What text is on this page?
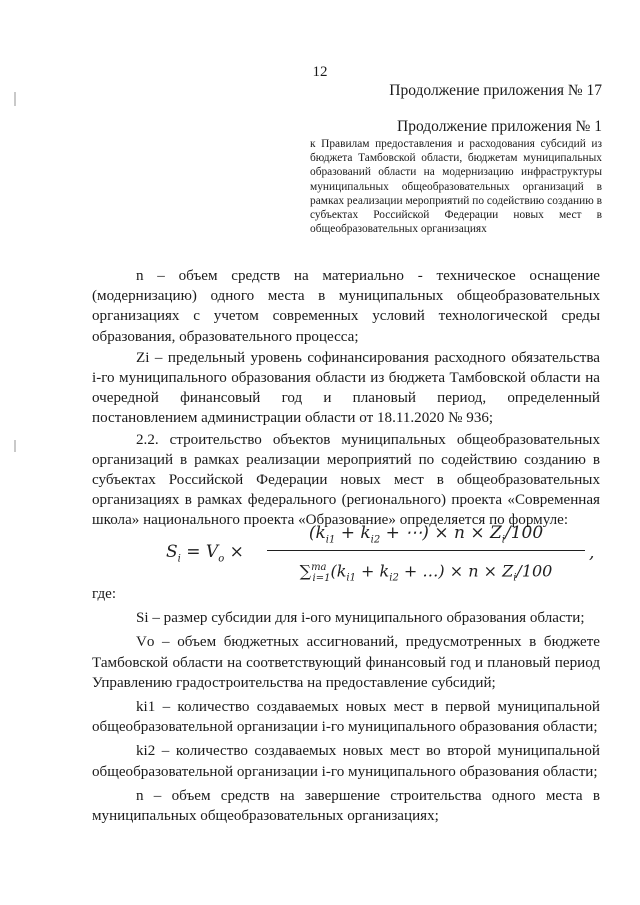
12
Продолжение приложения № 17
Продолжение приложения № 1
к Правилам предоставления и расходования субсидий из бюджета Тамбовской области, бюджетам муниципальных образований области на модернизацию инфраструктуры муниципальных общеобразовательных организаций в рамках реализации мероприятий по содействию созданию в субъектах Российской Федерации новых мест в общеобразовательных организациях

n – объем средств на материально - техническое оснащение (модернизацию) одного места в муниципальных общеобразовательных организациях с учетом современных условий технологической среды образования, образовательного процесса;

Zi – предельный уровень софинансирования расходного обязательства i-го муниципального образования области из бюджета Тамбовской области на очередной финансовый год и плановый период, определенный постановлением администрации области от 18.11.2020 № 936;

2.2. строительство объектов муниципальных общеобразовательных организаций в рамках реализации мероприятий по содействию созданию в субъектах Российской Федерации новых мест в общеобразовательных организациях в рамках федерального (регионального) проекта «Современная школа» национального проекта «Образование» определяется по формуле:

$S_i = V_o$ ×
($k_{i1} + k_{i2}$ + ⋯) × $n \times Z_i/100$
$\sum^{ma}_{i=1}(k_{i1} + k_{i2}$ + …) × $n \times Z_i/100$
,

где:

Si – размер субсидии для i-ого муниципального образования области;

Vо – объем бюджетных ассигнований, предусмотренных в бюджете Тамбовской области на соответствующий финансовый год и плановый период Управлению градостроительства на предоставление субсидий;

ki1 – количество создаваемых новых мест в первой муниципальной общеобразовательной организации i-го муниципального образования области;

ki2 – количество создаваемых новых мест во второй муниципальной общеобразовательной организации i-го муниципального образования области;

n – объем средств на завершение строительства одного места в муниципальных общеобразовательных организациях;
